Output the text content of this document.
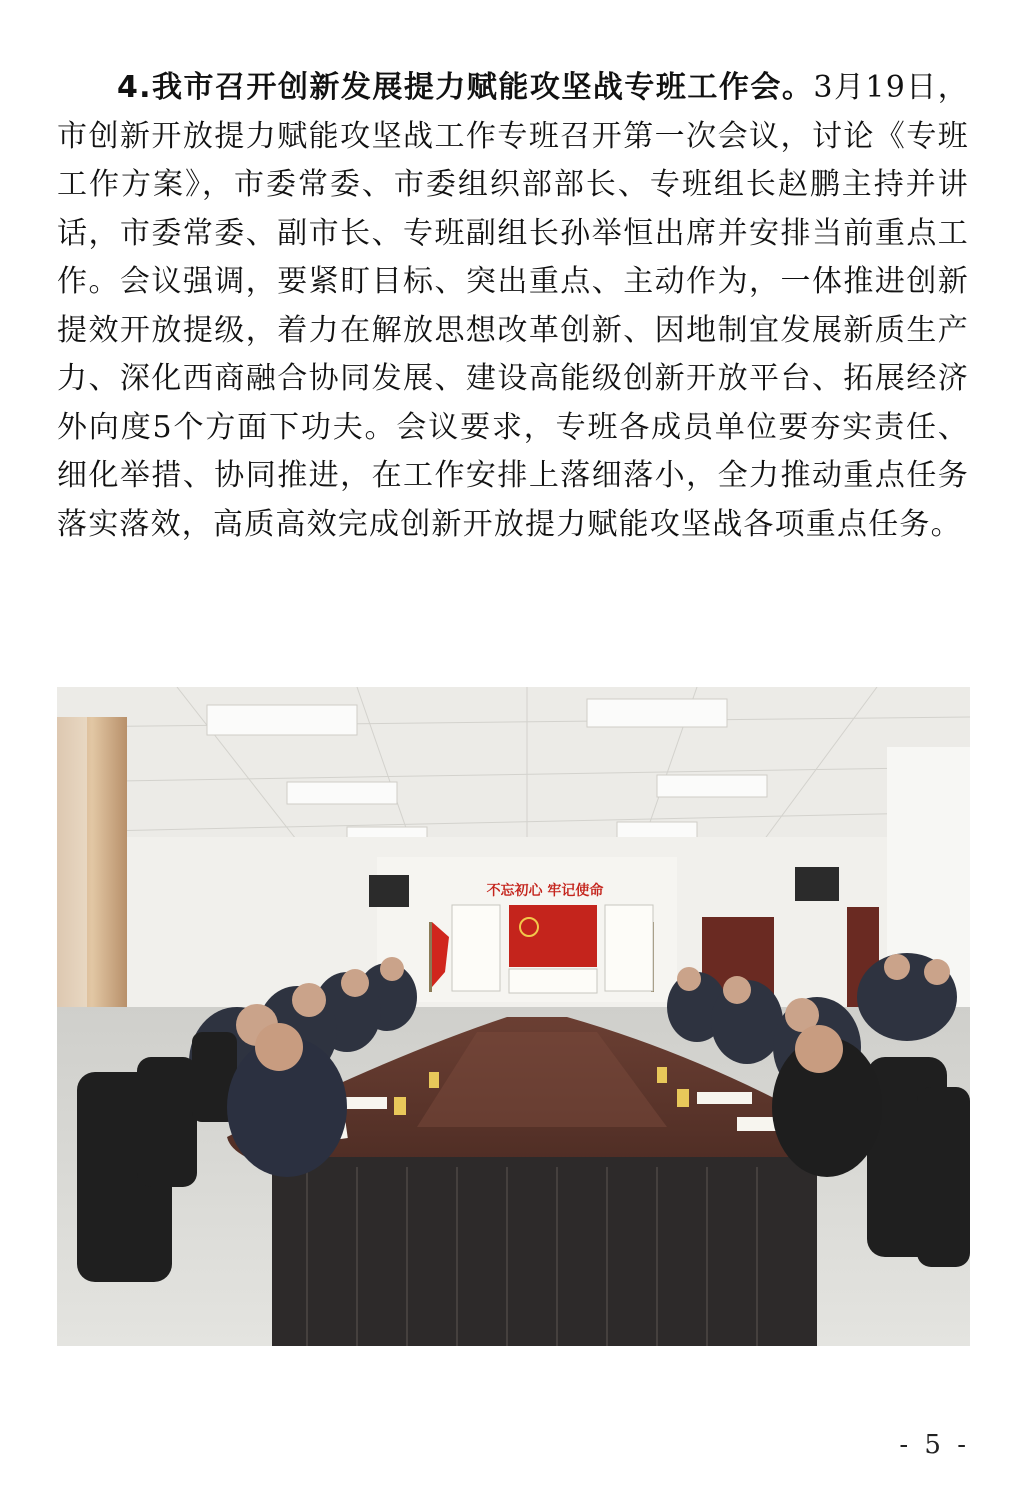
4.我市召开创新发展提力赋能攻坚战专班工作会。3月19日，市创新开放提力赋能攻坚战工作专班召开第一次会议，讨论《专班工作方案》，市委常委、市委组织部部长、专班组长赵鹏主持并讲话，市委常委、副市长、专班副组长孙举恒出席并安排当前重点工作。会议强调，要紧盯目标、突出重点、主动作为，一体推进创新提效开放提级，着力在解放思想改革创新、因地制宜发展新质生产力、深化西商融合协同发展、建设高能级创新开放平台、拓展经济外向度5个方面下功夫。会议要求，专班各成员单位要夯实责任、细化举措、协同推进，在工作安排上落细落小，全力推动重点任务落实落效，高质高效完成创新开放提力赋能攻坚战各项重点任务。

不忘初心 牢记使命
- 5 -
